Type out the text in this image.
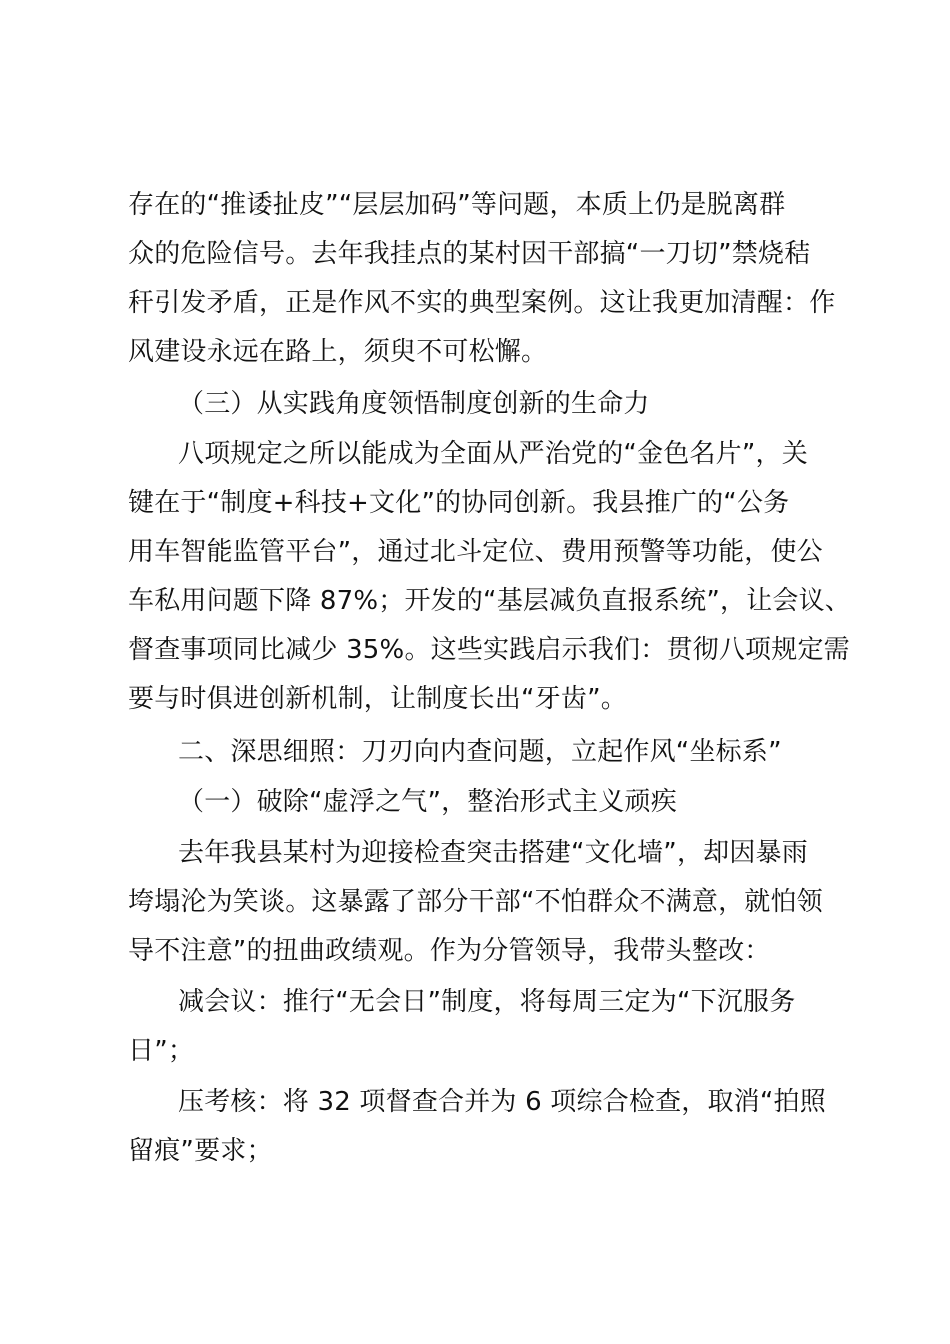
存在的“推诿扯皮”“层层加码”等问题，本质上仍是脱离群
众的危险信号。去年我挂点的某村因干部搞“一刀切”禁烧秸
秆引发矛盾，正是作风不实的典型案例。这让我更加清醒：作
风建设永远在路上，须臾不可松懈。
（三）从实践角度领悟制度创新的生命力
八项规定之所以能成为全面从严治党的“金色名片”，关
键在于“制度+科技+文化”的协同创新。我县推广的“公务
用车智能监管平台”，通过北斗定位、费用预警等功能，使公
车私用问题下降 87%；开发的“基层减负直报系统”，让会议、
督查事项同比减少 35%。这些实践启示我们：贯彻八项规定需
要与时俱进创新机制，让制度长出“牙齿”。
二、深思细照：刀刃向内查问题，立起作风“坐标系”
（一）破除“虚浮之气”，整治形式主义顽疾
去年我县某村为迎接检查突击搭建“文化墙”，却因暴雨
垮塌沦为笑谈。这暴露了部分干部“不怕群众不满意，就怕领
导不注意”的扭曲政绩观。作为分管领导，我带头整改：
减会议：推行“无会日”制度，将每周三定为“下沉服务
日”；
压考核：将 32 项督查合并为 6 项综合检查，取消“拍照
留痕”要求；
